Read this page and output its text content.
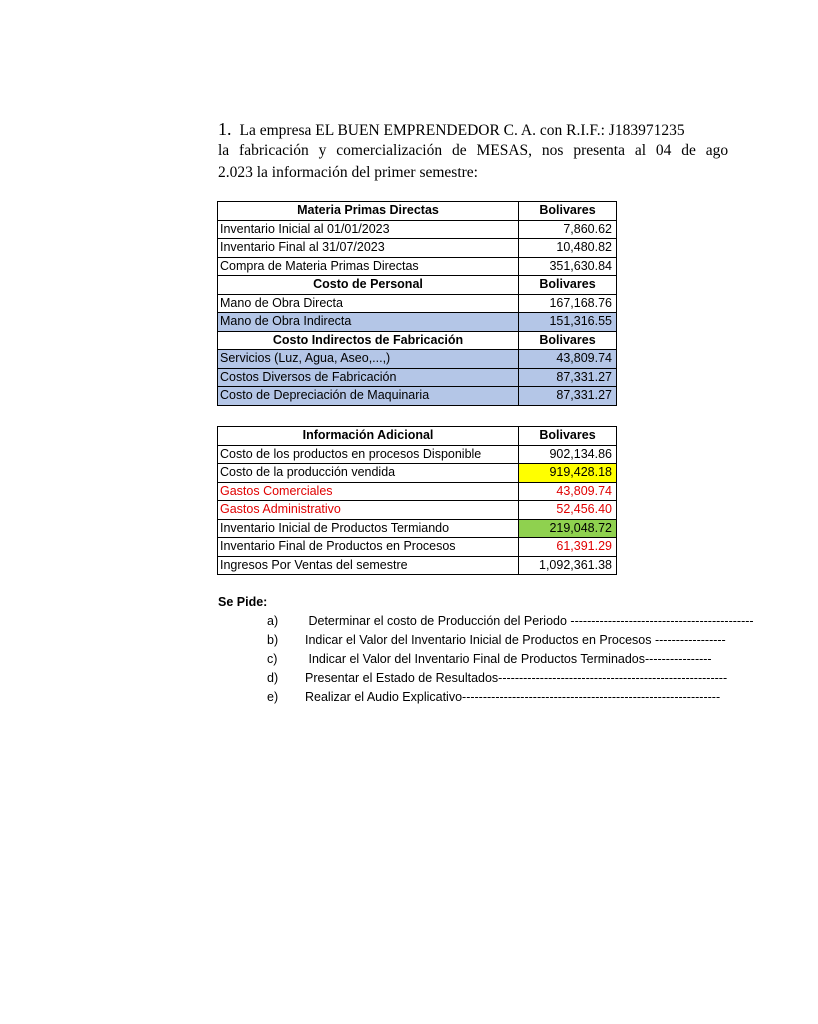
1. La empresa EL BUEN EMPRENDEDOR C. A. con R.I.F.: J183971235
la fabricación y comercialización de MESAS, nos presenta al 04 de ago
2.023 la información del primer semestre:
Materia Primas Directas	Bolivares
Inventario Inicial al 01/01/2023	7,860.62
Inventario Final al 31/07/2023	10,480.82
Compra de Materia Primas Directas	351,630.84
Costo de Personal	Bolivares
Mano de Obra Directa	167,168.76
Mano de Obra Indirecta	151,316.55
Costo Indirectos de Fabricación	Bolivares
Servicios (Luz, Agua, Aseo,...,)	43,809.74
Costos Diversos de Fabricación	87,331.27
Costo de Depreciación de Maquinaria	87,331.27
Información Adicional	Bolivares
Costo de los productos en procesos Disponible	902,134.86
Costo de la producción vendida	919,428.18
Gastos Comerciales	43,809.74
Gastos Administrativo	52,456.40
Inventario Inicial de Productos Termiando	219,048.72
Inventario Final de Productos en Procesos	61,391.29
Ingresos Por Ventas del semestre	1,092,361.38
Se Pide:
a) Determinar el costo de Producción del Periodo --------------------------------------------
b) Indicar el Valor del Inventario Inicial de Productos en Procesos -----------------
c) Indicar el Valor del Inventario Final de Productos Terminados----------------
d) Presentar el Estado de Resultados-------------------------------------------------------
e) Realizar el Audio Explicativo--------------------------------------------------------------
